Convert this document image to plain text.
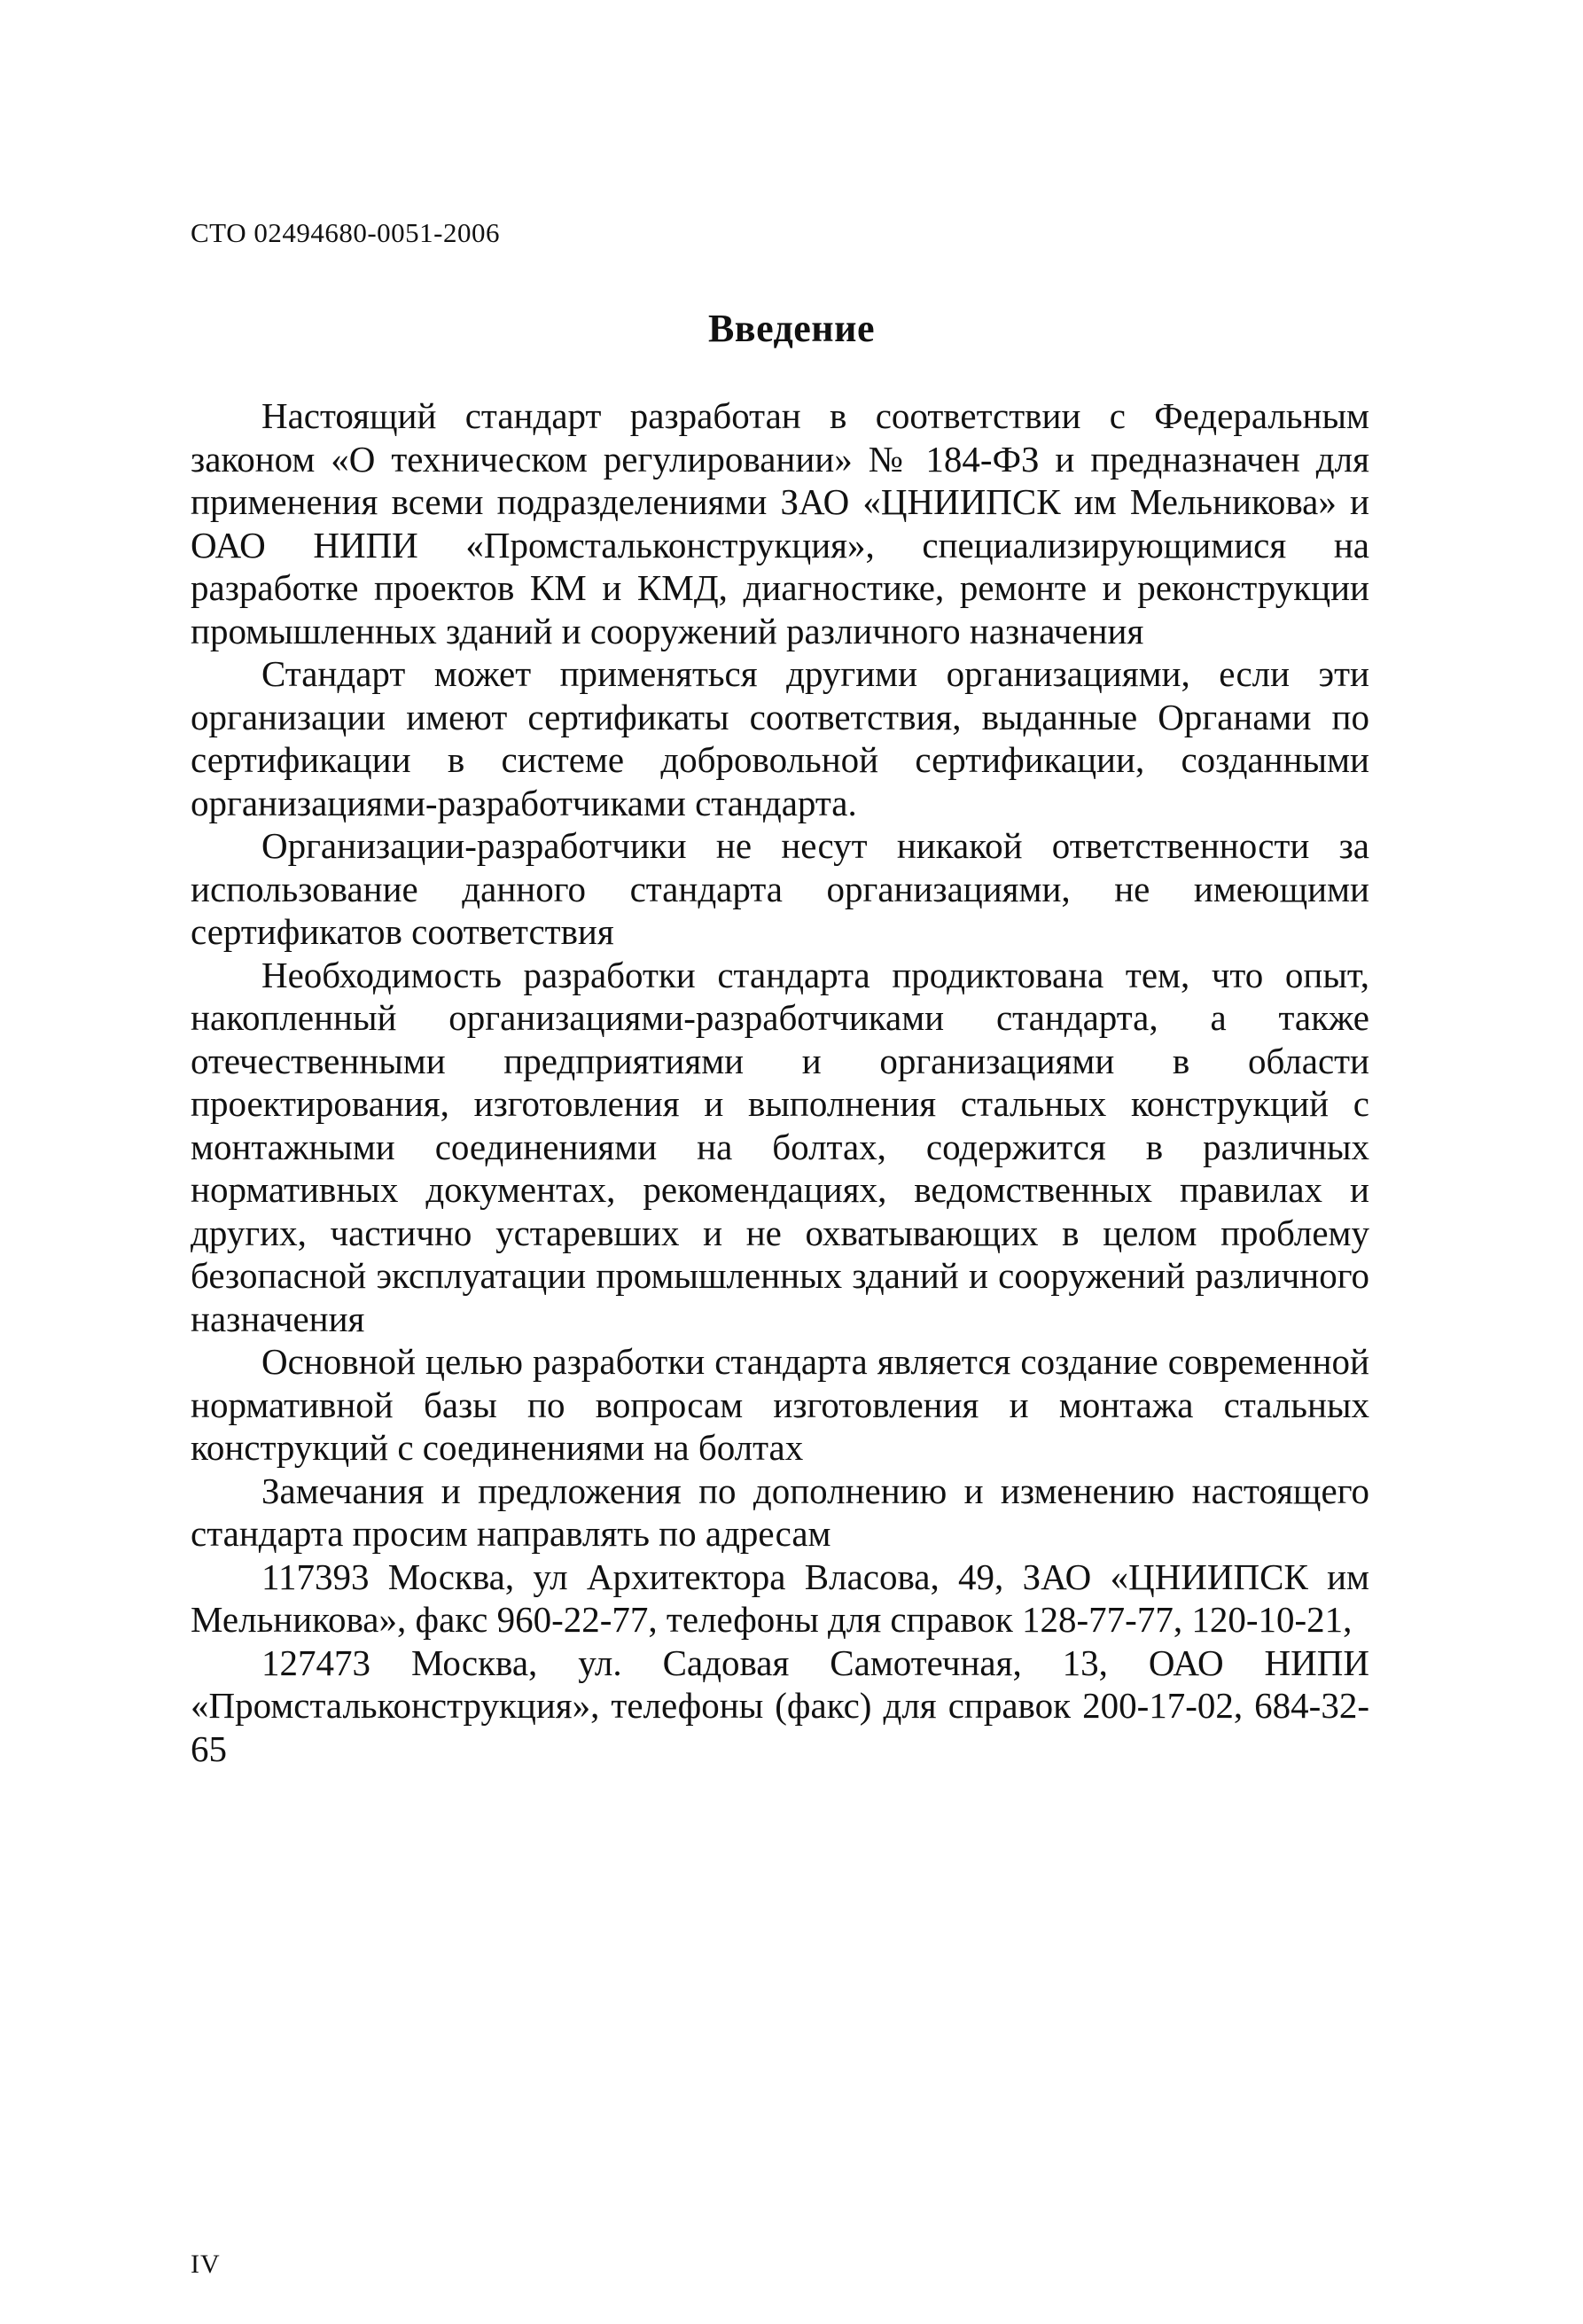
СТО 02494680-0051-2006
Введение

Настоящий стандарт разработан в соответствии с Федеральным законом «О техническом регулировании» № 184-ФЗ и предназначен для применения всеми подразделениями ЗАО «ЦНИИПСК им Мельникова» и ОАО НИПИ «Промстальконструкция», специализирующимися на разработке проектов КМ и КМД, диагностике, ремонте и реконструкции промышленных зданий и сооружений различного назначения

Стандарт может применяться другими организациями, если эти организации имеют сертификаты соответствия, выданные Органами по сертификации в системе добровольной сертификации, созданными организациями-разработчиками стандарта.

Организации-разработчики не несут никакой ответственности за использование данного стандарта организациями, не имеющими сертификатов соответствия

Необходимость разработки стандарта продиктована тем, что опыт, накопленный организациями-разработчиками стандарта, а также отечественными предприятиями и организациями в области проектирования, изготовления и выполнения стальных конструкций с монтажными соединениями на болтах, содержится в различных нормативных документах, рекомендациях, ведомственных правилах и других, частично устаревших и не охватывающих в целом проблему безопасной эксплуатации промышленных зданий и сооружений различного назначения

Основной целью разработки стандарта является создание современной нормативной базы по вопросам изготовления и монтажа стальных конструкций с соединениями на болтах

Замечания и предложения по дополнению и изменению настоящего стандарта просим направлять по адресам

117393 Москва, ул Архитектора Власова, 49, ЗАО «ЦНИИПСК им Мельникова», факс 960-22-77, телефоны для справок 128-77-77, 120-10-21,

127473 Москва, ул. Садовая Самотечная, 13, ОАО НИПИ «Промстальконструкция», телефоны (факс) для справок 200-17-02, 684-32-65

IV
